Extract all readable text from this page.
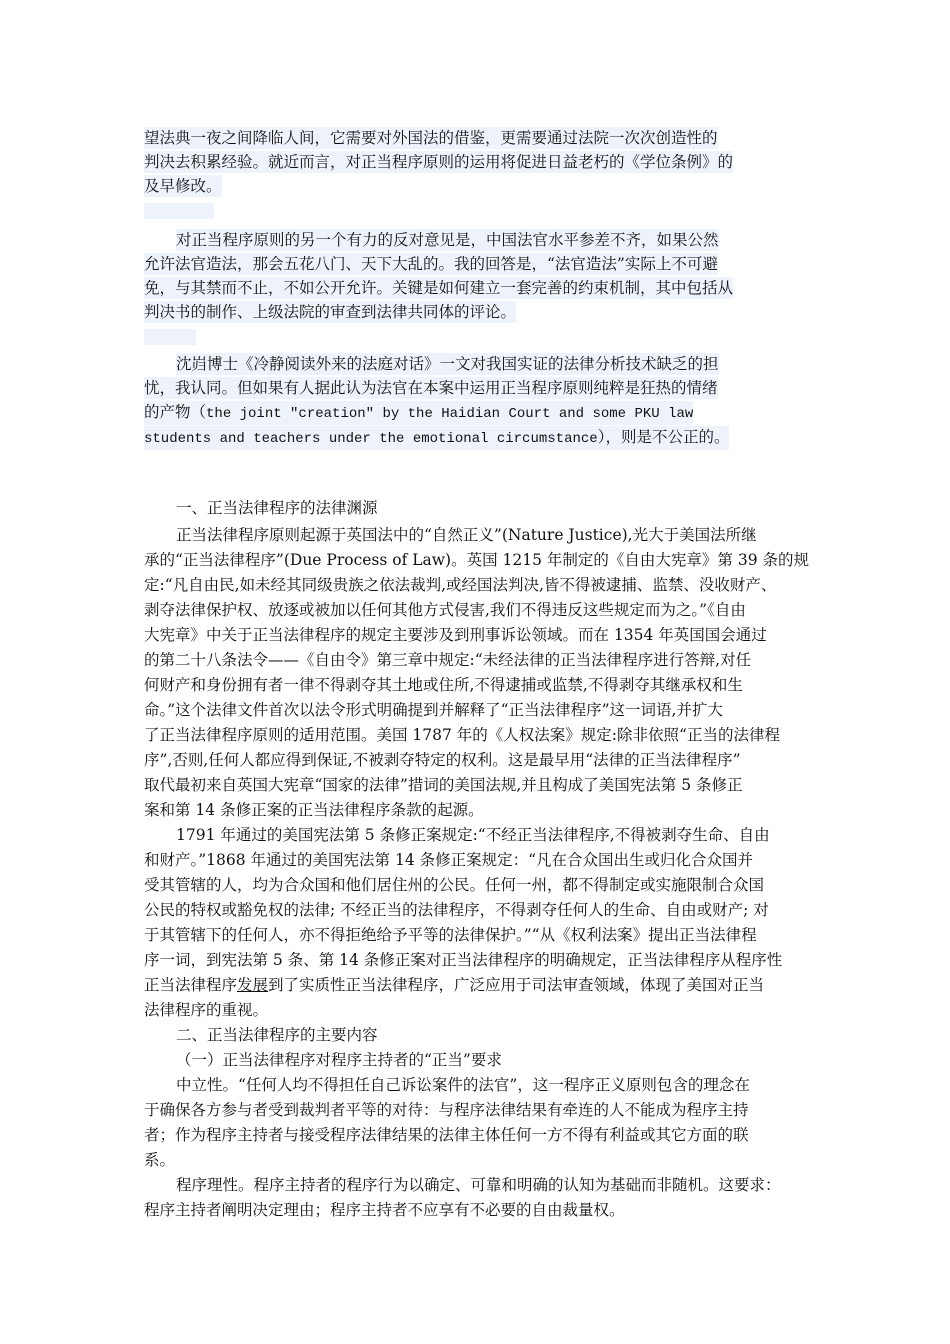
望法典一夜之间降临人间，它需要对外国法的借鉴，更需要通过法院一次次创造性的
判决去积累经验。就近而言，对正当程序原则的运用将促进日益老朽的《学位条例》的
及早修改。
对正当程序原则的另一个有力的反对意见是，中国法官水平参差不齐，如果公然
允许法官造法，那会五花八门、天下大乱的。我的回答是，“法官造法”实际上不可避
免，与其禁而不止，不如公开允许。关键是如何建立一套完善的约束机制，其中包括从
判决书的制作、上级法院的审查到法律共同体的评论。
沈岿博士《冷静阅读外来的法庭对话》一文对我国实证的法律分析技术缺乏的担
忧，我认同。但如果有人据此认为法官在本案中运用正当程序原则纯粹是狂热的情绪
的产物（the joint "creation" by the Haidian Court and some PKU law
students and teachers under the emotional circumstance），则是不公正的。
一、正当法律程序的法律渊源
正当法律程序原则起源于英国法中的“自然正义”(Nature Justice),光大于美国法所继
承的“正当法律程序”(Due Process of Law)。英国 1215 年制定的《自由大宪章》第 39 条的规
定:“凡自由民,如未经其同级贵族之依法裁判,或经国法判决,皆不得被逮捕、监禁、没收财产、
剥夺法律保护权、放逐或被加以任何其他方式侵害,我们不得违反这些规定而为之。”《自由
大宪章》中关于正当法律程序的规定主要涉及到刑事诉讼领域。而在 1354 年英国国会通过
的第二十八条法令——《自由令》第三章中规定:“未经法律的正当法律程序进行答辩,对任
何财产和身份拥有者一律不得剥夺其土地或住所,不得逮捕或监禁,不得剥夺其继承权和生
命。”这个法律文件首次以法令形式明确提到并解释了“正当法律程序”这一词语,并扩大
了正当法律程序原则的适用范围。美国 1787 年的《人权法案》规定:除非依照“正当的法律程
序”,否则,任何人都应得到保证,不被剥夺特定的权利。这是最早用“法律的正当法律程序”
取代最初来自英国大宪章“国家的法律”措词的美国法规,并且构成了美国宪法第 5 条修正
案和第 14 条修正案的正当法律程序条款的起源。
1791 年通过的美国宪法第 5 条修正案规定:“不经正当法律程序,不得被剥夺生命、自由
和财产。”1868 年通过的美国宪法第 14 条修正案规定：“凡在合众国出生或归化合众国并
受其管辖的人，均为合众国和他们居住州的公民。任何一州，都不得制定或实施限制合众国
公民的特权或豁免权的法律; 不经正当的法律程序，不得剥夺任何人的生命、自由或财产; 对
于其管辖下的任何人，亦不得拒绝给予平等的法律保护。”“从《权利法案》提出正当法律程
序一词，到宪法第 5 条、第 14 条修正案对正当法律程序的明确规定，正当法律程序从程序性
正当法律程序发展到了实质性正当法律程序，广泛应用于司法审查领域，体现了美国对正当
法律程序的重视。
二、正当法律程序的主要内容
（一）正当法律程序对程序主持者的“正当”要求
中立性。“任何人均不得担任自己诉讼案件的法官”，这一程序正义原则包含的理念在
于确保各方参与者受到裁判者平等的对待：与程序法律结果有牵连的人不能成为程序主持
者；作为程序主持者与接受程序法律结果的法律主体任何一方不得有利益或其它方面的联
系。
程序理性。程序主持者的程序行为以确定、可靠和明确的认知为基础而非随机。这要求：
程序主持者阐明决定理由；程序主持者不应享有不必要的自由裁量权。
